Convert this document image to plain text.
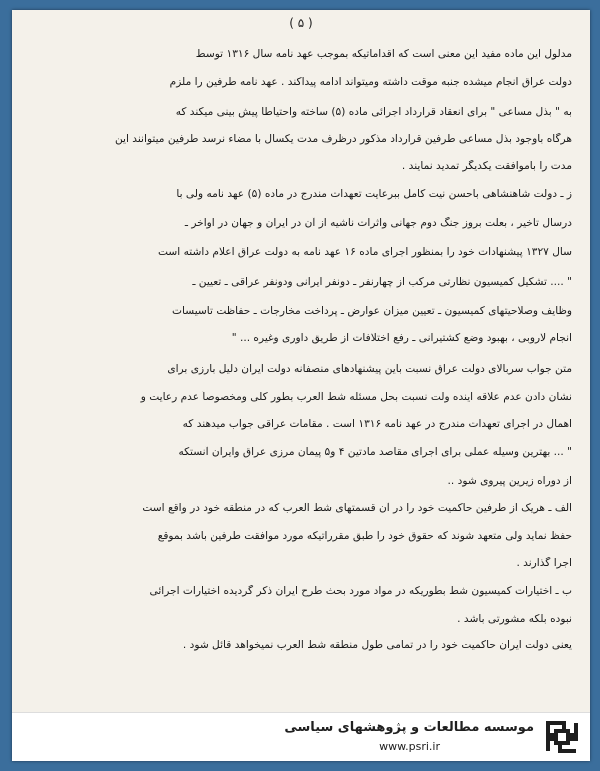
( ۵ )
مدلول این ماده مفید این معنی است که اقداماتیکه بموجب عهد نامه سال ۱۳۱۶ توسط
دولت عراق انجام میشده جنبه موقت داشته ومیتواند ادامه پیداکند . عهد نامه طرفین را ملزم
به " بذل مساعی " برای انعقاد قرارداد اجرائی ماده (۵) ساخته واحتیاطا پیش بینی میکند که
هرگاه باوجود بذل مساعی طرفین قرارداد مذکور درظرف مدت یکسال با مضاء نرسد طرفین میتوانند این
مدت را باموافقت یکدیگر تمدید نمایند .
ز ـ دولت شاهنشاهی باحسن نیت کامل ببرعایت تعهدات مندرج در ماده (۵) عهد نامه ولی با
درسال تاخیر ، بعلت بروز جنگ دوم جهانی واثرات ناشیه از آن در ایران و جهان در اواخر ـ
سال ۱۳۲۷ پیشنهادات خود را بمنظور اجرای ماده ۱۶ عهد نامه به دولت عراق اعلام داشته است
" .... تشکیل کمیسیون نظارتی مرکب از چهارنفر ـ دونفر ایرانی ودونفر عراقی ـ تعیین ـ
وظایف وصلاحیتهای کمیسیون ـ تعیین میزان عوارض ـ پرداخت مخارجات ـ حفاظت تاسیسات
انجام لاروبی ، بهبود وضع کشتیرانی ـ رفع اختلافات از طریق داوری وغیره ... "
متن جواب سربالای دولت عراق نسبت باین پیشنهادهای منصفانه دولت ایران دلیل بارزی برای
نشان دادن عدم علاقه اینده ولت نسبت بحل مسئله شط العرب بطور کلی ومخصوصاً عدم رعایت و
اهمال در اجرای تعهدات مندرج در عهد نامه ۱۳۱۶ است . مقامات عراقی جواب میدهند که
" ... بهترین وسیله عملی برای اجرای مقاصد مادتین ۴ و۵ پیمان مرزی عراق وایران آنستکه
از دوراه زیرین پیروی شود ..
الف ـ هریک از طرفین حاکمیت خود را در آن قسمتهای شط العرب که در منطقه خود در واقع است
حفظ نماید ولی متعهد شوند که حقوق خود را طبق مقرراتیکه مورد موافقت طرفین باشد بموقع
اجرا گذارند .
ب ـ اختیارات کمیسیون شط بطوریکه در مواد مورد بحث طرح ایران ذکر گردیده اختیارات اجرائی
نبوده بلکه مشورتی باشد .
یعنی دولت ایران حاکمیت خود را در تمامی طول منطقه شط العرب نمیخواهد قائل شود .
موسسه مطالعات و پژوهشهای سیاسی
www.psri.ir
